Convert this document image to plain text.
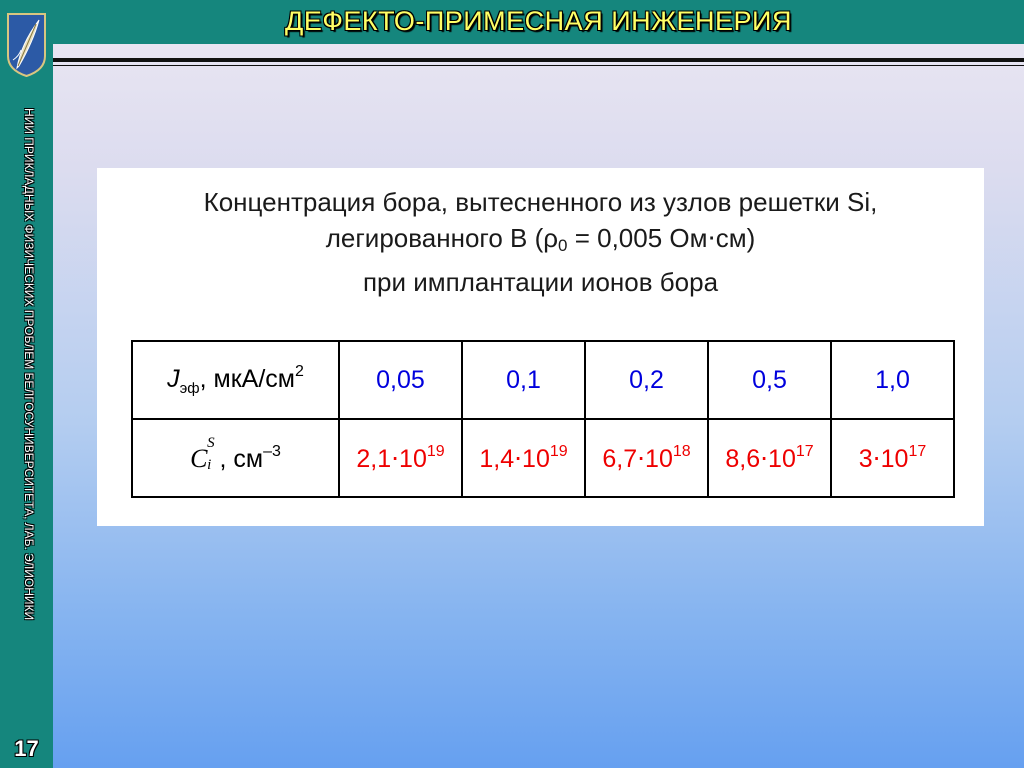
НИИ ПРИКЛАДНЫХ ФИЗИЧЕСКИХ ПРОБЛЕМ БЕЛГОСУНИВЕРСИТЕТА, ЛАБ. ЭЛИОНИКИ
17
ДЕФЕКТО-ПРИМЕСНАЯ ИНЖЕНЕРИЯ
Концентрация бора, вытесненного из узлов решетки Si,
легированного B ($\rho_0 = 0,005$ Ом⋅см)
при имплантации ионов бора
$J_{эф}$, мкА/$см^2$	0,05	0,1	0,2	0,5	1,0
C
S
i , $см^{-3}$	$2,1\cdot 10^{19}$	$1,4\cdot 10^{19}$	$6,7\cdot 10^{18}$	$8,6\cdot 10^{17}$	$3\cdot 10^{17}$
